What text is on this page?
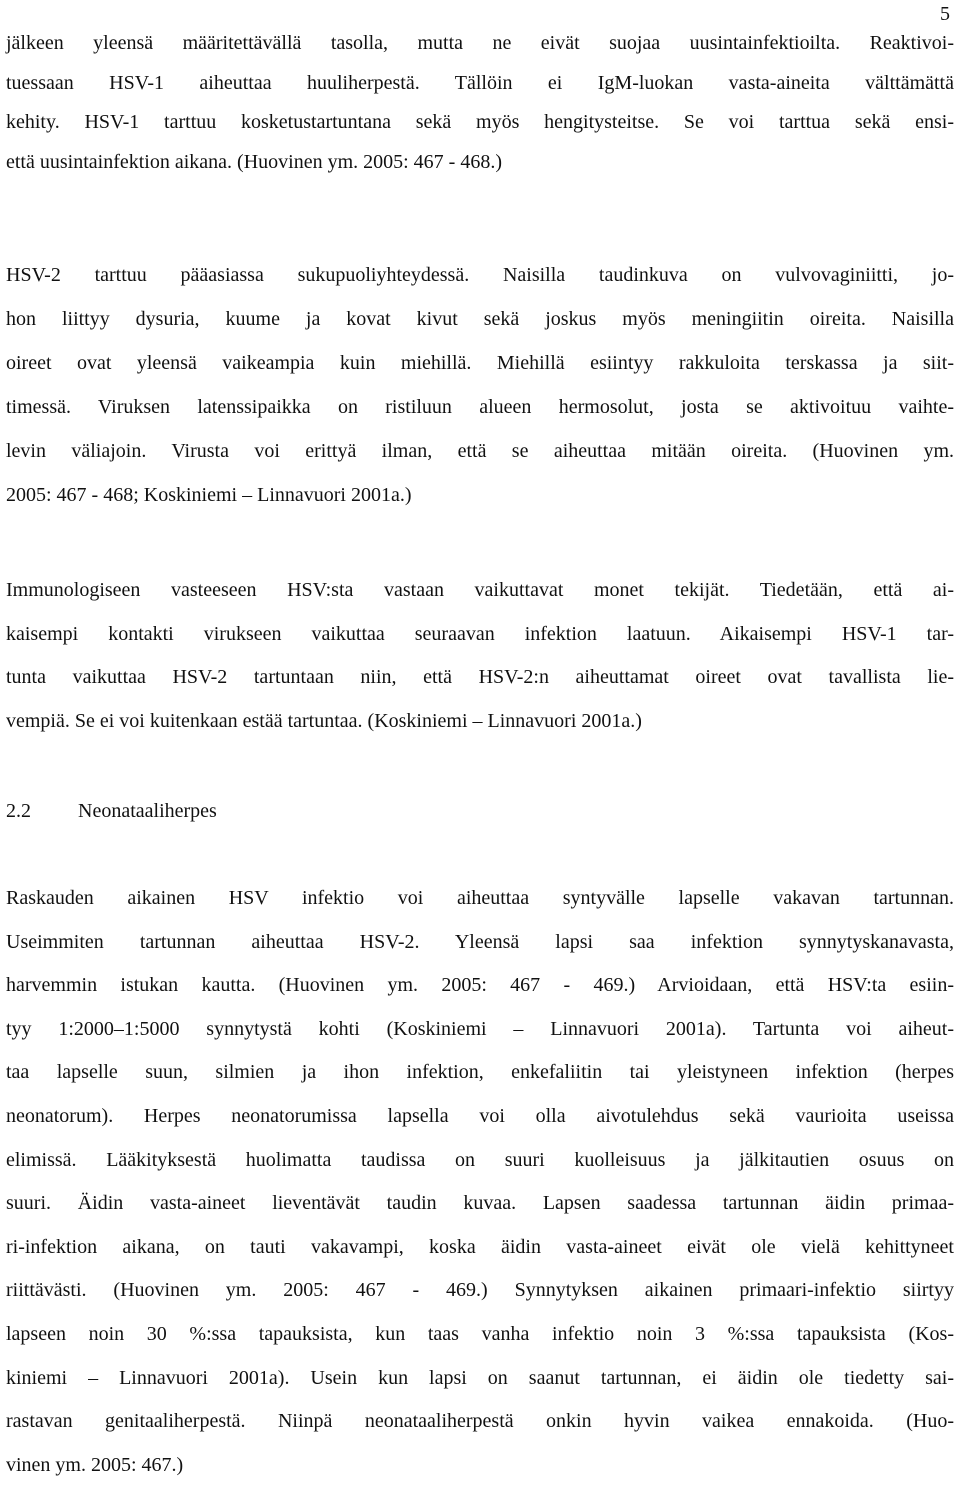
5
jälkeen yleensä määritettävällä tasolla, mutta ne eivät suojaa uusintainfektioilta. Reaktivoi-
tuessaan HSV-1 aiheuttaa huuliherpestä. Tällöin ei IgM-luokan vasta-aineita välttämättä
kehity. HSV-1 tarttuu kosketustartuntana sekä myös hengitysteitse. Se voi tarttua sekä ensi-
että uusintainfektion aikana. (Huovinen ym. 2005: 467 - 468.)
HSV-2 tarttuu pääasiassa sukupuoliyhteydessä. Naisilla taudinkuva on vulvovaginiitti, jo-
hon liittyy dysuria, kuume ja kovat kivut sekä joskus myös meningiitin oireita. Naisilla
oireet ovat yleensä vaikeampia kuin miehillä. Miehillä esiintyy rakkuloita terskassa ja siit-
timessä. Viruksen latenssipaikka on ristiluun alueen hermosolut, josta se aktivoituu vaihte-
levin väliajoin. Virusta voi erittyä ilman, että se aiheuttaa mitään oireita. (Huovinen ym.
2005: 467 - 468; Koskiniemi – Linnavuori 2001a.)
Immunologiseen vasteeseen HSV:sta vastaan vaikuttavat monet tekijät. Tiedetään, että ai-
kaisempi kontakti virukseen vaikuttaa seuraavan infektion laatuun. Aikaisempi HSV-1 tar-
tunta vaikuttaa HSV-2 tartuntaan niin, että HSV-2:n aiheuttamat oireet ovat tavallista lie-
vempiä. Se ei voi kuitenkaan estää tartuntaa. (Koskiniemi – Linnavuori 2001a.)
2.2 Neonataaliherpes
Raskauden aikainen HSV infektio voi aiheuttaa syntyvälle lapselle vakavan tartunnan.
Useimmiten tartunnan aiheuttaa HSV-2. Yleensä lapsi saa infektion synnytyskanavasta,
harvemmin istukan kautta. (Huovinen ym. 2005: 467 - 469.) Arvioidaan, että HSV:ta esiin-
tyy 1:2000–1:5000 synnytystä kohti (Koskiniemi – Linnavuori 2001a). Tartunta voi aiheut-
taa lapselle suun, silmien ja ihon infektion, enkefaliitin tai yleistyneen infektion (herpes
neonatorum). Herpes neonatorumissa lapsella voi olla aivotulehdus sekä vaurioita useissa
elimissä. Lääkityksestä huolimatta taudissa on suuri kuolleisuus ja jälkitautien osuus on
suuri. Äidin vasta-aineet lieventävät taudin kuvaa. Lapsen saadessa tartunnan äidin primaa-
ri-infektion aikana, on tauti vakavampi, koska äidin vasta-aineet eivät ole vielä kehittyneet
riittävästi. (Huovinen ym. 2005: 467 - 469.) Synnytyksen aikainen primaari-infektio siirtyy
lapseen noin 30 %:ssa tapauksista, kun taas vanha infektio noin 3 %:ssa tapauksista (Kos-
kiniemi – Linnavuori 2001a). Usein kun lapsi on saanut tartunnan, ei äidin ole tiedetty sai-
rastavan genitaaliherpestä. Niinpä neonataaliherpestä onkin hyvin vaikea ennakoida. (Huo-
vinen ym. 2005: 467.)
